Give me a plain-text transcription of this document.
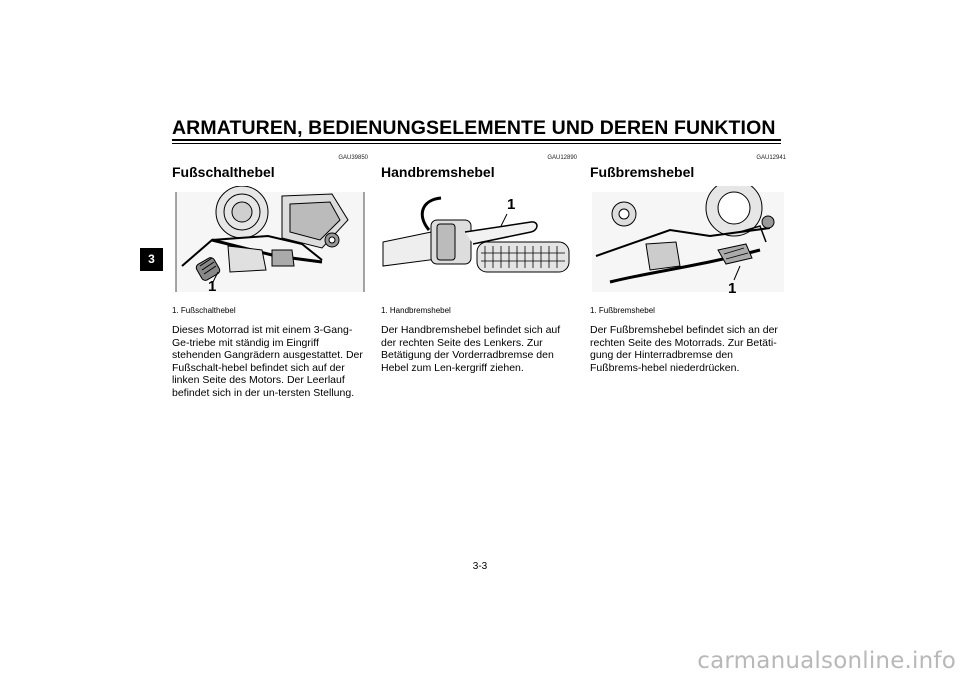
ARMATUREN, BEDIENUNGSELEMENTE UND DEREN FUNKTION
3
GAU39850
Fußschalthebel
1
1. Fußschalthebel
Dieses Motorrad ist mit einem 3-Gang-Ge-triebe mit ständig im Eingriff stehenden Gangrädern ausgestattet. Der Fußschalt-hebel befindet sich auf der linken Seite des Motors. Der Leerlauf befindet sich in der un-tersten Stellung.
GAU12890
Handbremshebel
1
1. Handbremshebel
Der Handbremshebel befindet sich auf der rechten Seite des Lenkers. Zur Betätigung der Vorderradbremse den Hebel zum Len-kergriff ziehen.
GAU12941
Fußbremshebel
1
1. Fußbremshebel
Der Fußbremshebel befindet sich an der rechten Seite des Motorrads. Zur Betäti-gung der Hinterradbremse den Fußbrems-hebel niederdrücken.
3-3
carmanualsonline.info
